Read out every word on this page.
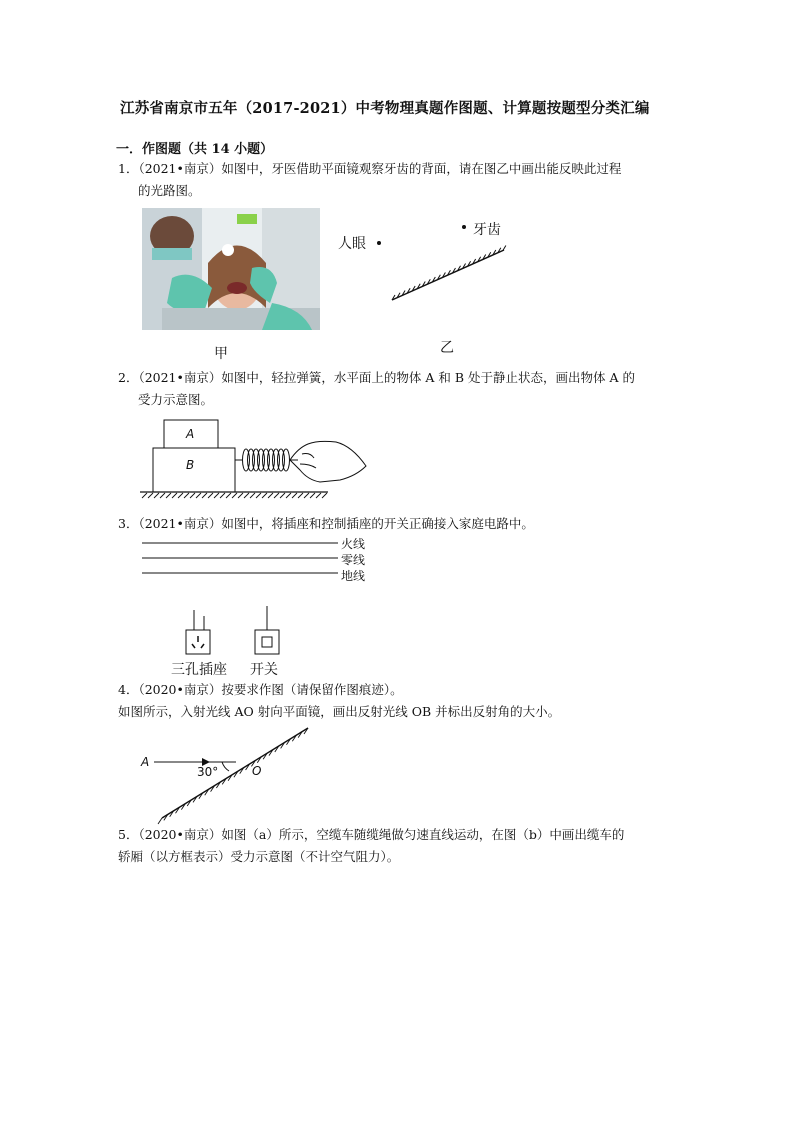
江苏省南京市五年（2017-2021）中考物理真题作图题、计算题按题型分类汇编
一．作图题（共 14 小题）
1．（2021•南京）如图中，牙医借助平面镜观察牙齿的背面，请在图乙中画出能反映此过程
的光路图。
甲
人眼
牙齿
乙
2．（2021•南京）如图中，轻拉弹簧，水平面上的物体 A 和 B 处于静止状态，画出物体 A 的
受力示意图。
A
B
3．（2021•南京）如图中，将插座和控制插座的开关正确接入家庭电路中。
火线
零线
地线
三孔插座 开关
4．（2020•南京）按要求作图（请保留作图痕迹）。
如图所示，入射光线 AO 射向平面镜，画出反射光线 OB 并标出反射角的大小。
A
30°	O
5．（2020•南京）如图（a）所示，空缆车随缆绳做匀速直线运动，在图（b）中画出缆车的
轿厢（以方框表示）受力示意图（不计空气阻力）。
